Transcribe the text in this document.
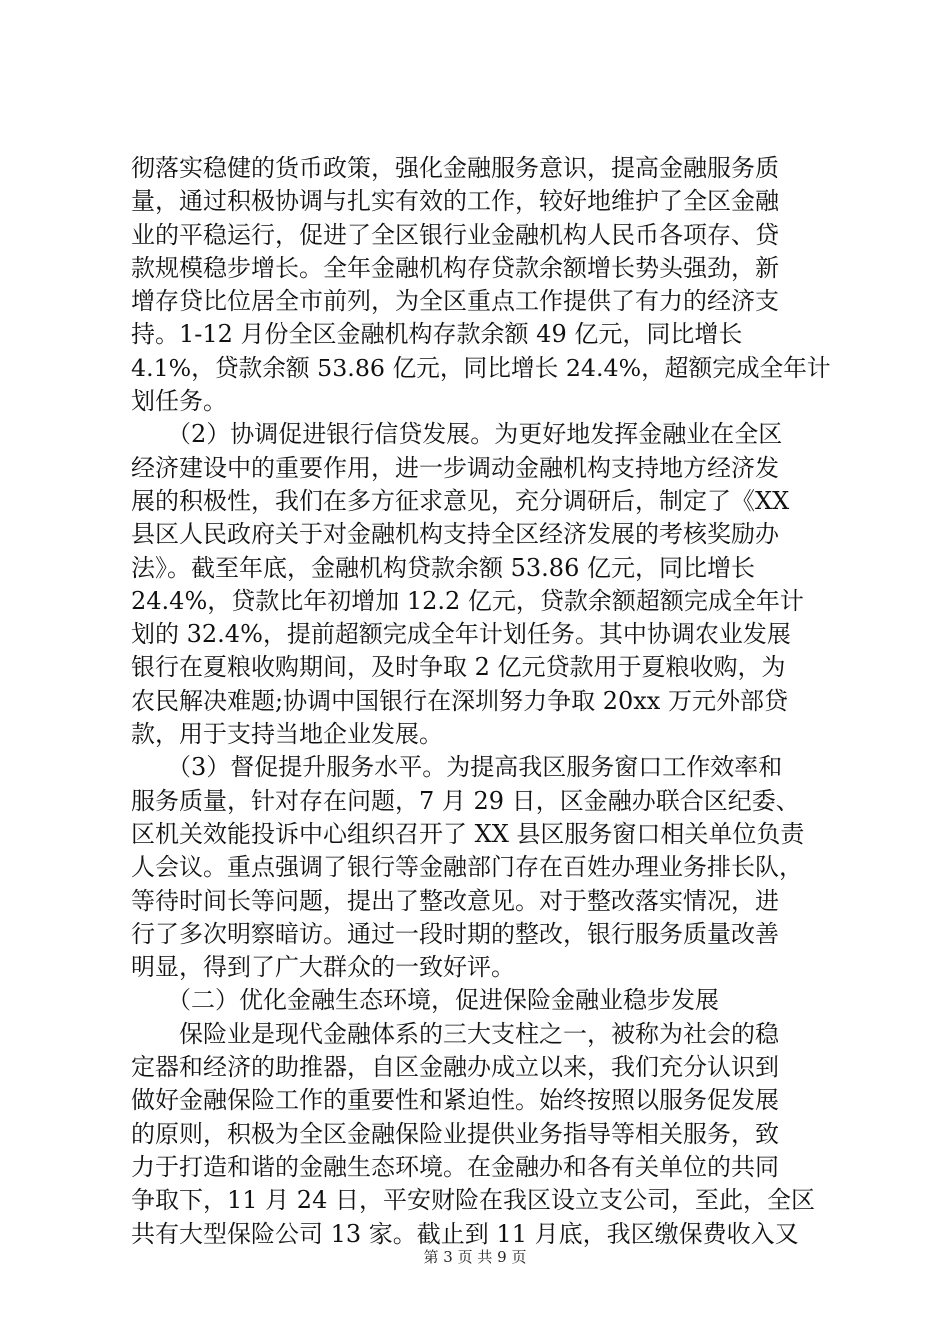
彻落实稳健的货币政策，强化金融服务意识，提高金融服务质
量，通过积极协调与扎实有效的工作，较好地维护了全区金融
业的平稳运行，促进了全区银行业金融机构人民币各项存、贷
款规模稳步增长。全年金融机构存贷款余额增长势头强劲，新
增存贷比位居全市前列，为全区重点工作提供了有力的经济支
持。1-12 月份全区金融机构存款余额 49 亿元，同比增长
4.1%，贷款余额 53.86 亿元，同比增长 24.4%，超额完成全年计
划任务。
　　（2）协调促进银行信贷发展。为更好地发挥金融业在全区
经济建设中的重要作用，进一步调动金融机构支持地方经济发
展的积极性，我们在多方征求意见，充分调研后，制定了《XX
县区人民政府关于对金融机构支持全区经济发展的考核奖励办
法》。截至年底，金融机构贷款余额 53.86 亿元，同比增长
24.4%，贷款比年初增加 12.2 亿元，贷款余额超额完成全年计
划的 32.4%，提前超额完成全年计划任务。其中协调农业发展
银行在夏粮收购期间，及时争取 2 亿元贷款用于夏粮收购，为
农民解决难题;协调中国银行在深圳努力争取 20xx 万元外部贷
款，用于支持当地企业发展。
　　（3）督促提升服务水平。为提高我区服务窗口工作效率和
服务质量，针对存在问题，7 月 29 日，区金融办联合区纪委、
区机关效能投诉中心组织召开了 XX 县区服务窗口相关单位负责
人会议。重点强调了银行等金融部门存在百姓办理业务排长队，
等待时间长等问题，提出了整改意见。对于整改落实情况，进
行了多次明察暗访。通过一段时期的整改，银行服务质量改善
明显，得到了广大群众的一致好评。
　　（二）优化金融生态环境，促进保险金融业稳步发展
　　保险业是现代金融体系的三大支柱之一，被称为社会的稳
定器和经济的助推器，自区金融办成立以来，我们充分认识到
做好金融保险工作的重要性和紧迫性。始终按照以服务促发展
的原则，积极为全区金融保险业提供业务指导等相关服务，致
力于打造和谐的金融生态环境。在金融办和各有关单位的共同
争取下，11 月 24 日，平安财险在我区设立支公司，至此，全区
共有大型保险公司 13 家。截止到 11 月底，我区缴保费收入又
第 3 页 共 9 页
